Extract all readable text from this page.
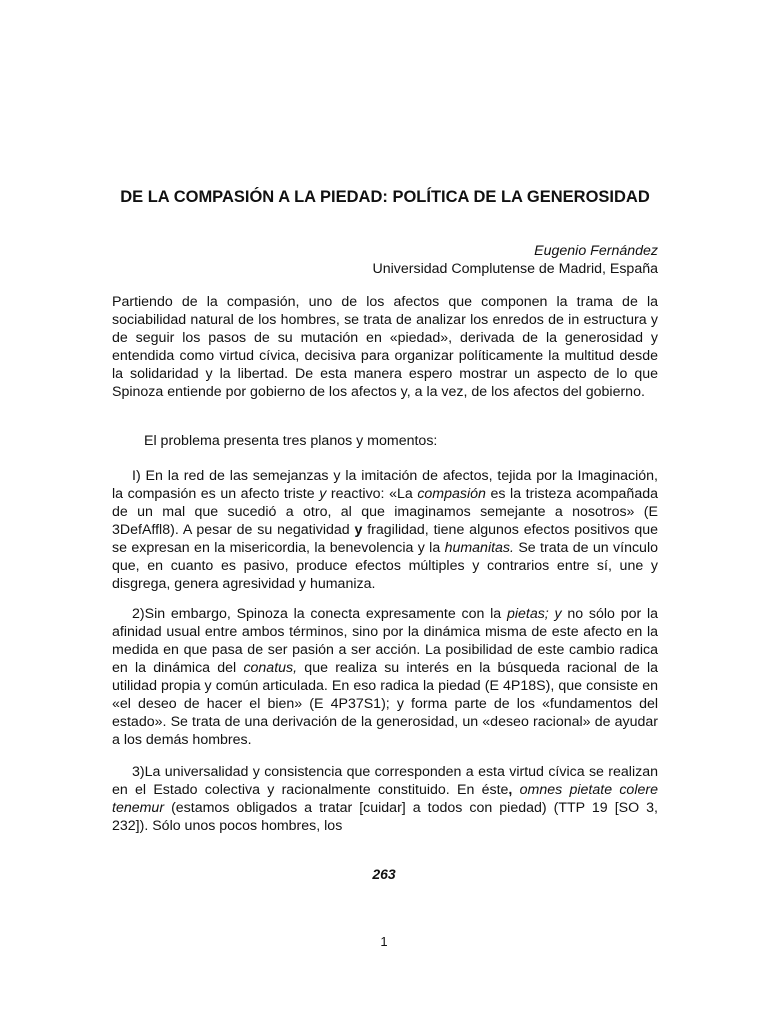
DE LA COMPASIÓN A LA PIEDAD: POLÍTICA DE LA GENEROSIDAD
Eugenio Fernández
Universidad Complutense de Madrid, España

Partiendo de la compasión, uno de los afectos que componen la trama de la sociabilidad natural de los hombres, se trata de analizar los enredos de in estructura y de seguir los pasos de su mutación en «piedad», derivada de la generosidad y entendida como virtud cívica, decisiva para organizar políticamente la multitud desde la solidaridad y la libertad. De esta manera espero mostrar un aspecto de lo que Spinoza entiende por gobierno de los afectos y, a la vez, de los afectos del gobierno.

El problema presenta tres planos y momentos:

I) En la red de las semejanzas y la imitación de afectos, tejida por la Imaginación, la compasión es un afecto triste y reactivo: «La compasión es la tristeza acompañada de un mal que sucedió a otro, al que imaginamos semejante a nosotros» (E 3DefAffl8). A pesar de su negatividad y fragilidad, tiene algunos efectos positivos que se expresan en la misericordia, la benevolencia y la humanitas. Se trata de un vínculo que, en cuanto es pasivo, produce efectos múltiples y contrarios entre sí, une y disgrega, genera agresividad y humaniza.

2)Sin embargo, Spinoza la conecta expresamente con la pietas; y no sólo por la afinidad usual entre ambos términos, sino por la dinámica misma de este afecto en la medida en que pasa de ser pasión a ser acción. La posibilidad de este cambio radica en la dinámica del conatus, que realiza su interés en la búsqueda racional de la utilidad propia y común articulada. En eso radica la piedad (E 4P18S), que consiste en «el deseo de hacer el bien» (E 4P37S1); y forma parte de los «fundamentos del estado». Se trata de una derivación de la generosidad, un «deseo racional» de ayudar a los demás hombres.

3)La universalidad y consistencia que corresponden a esta virtud cívica se realizan en el Estado colectiva y racionalmente constituido. En éste, omnes pietate colere tenemur (estamos obligados a tratar [cuidar] a todos con piedad) (TTP 19 [SO 3, 232]). Sólo unos pocos hombres, los

263
1
